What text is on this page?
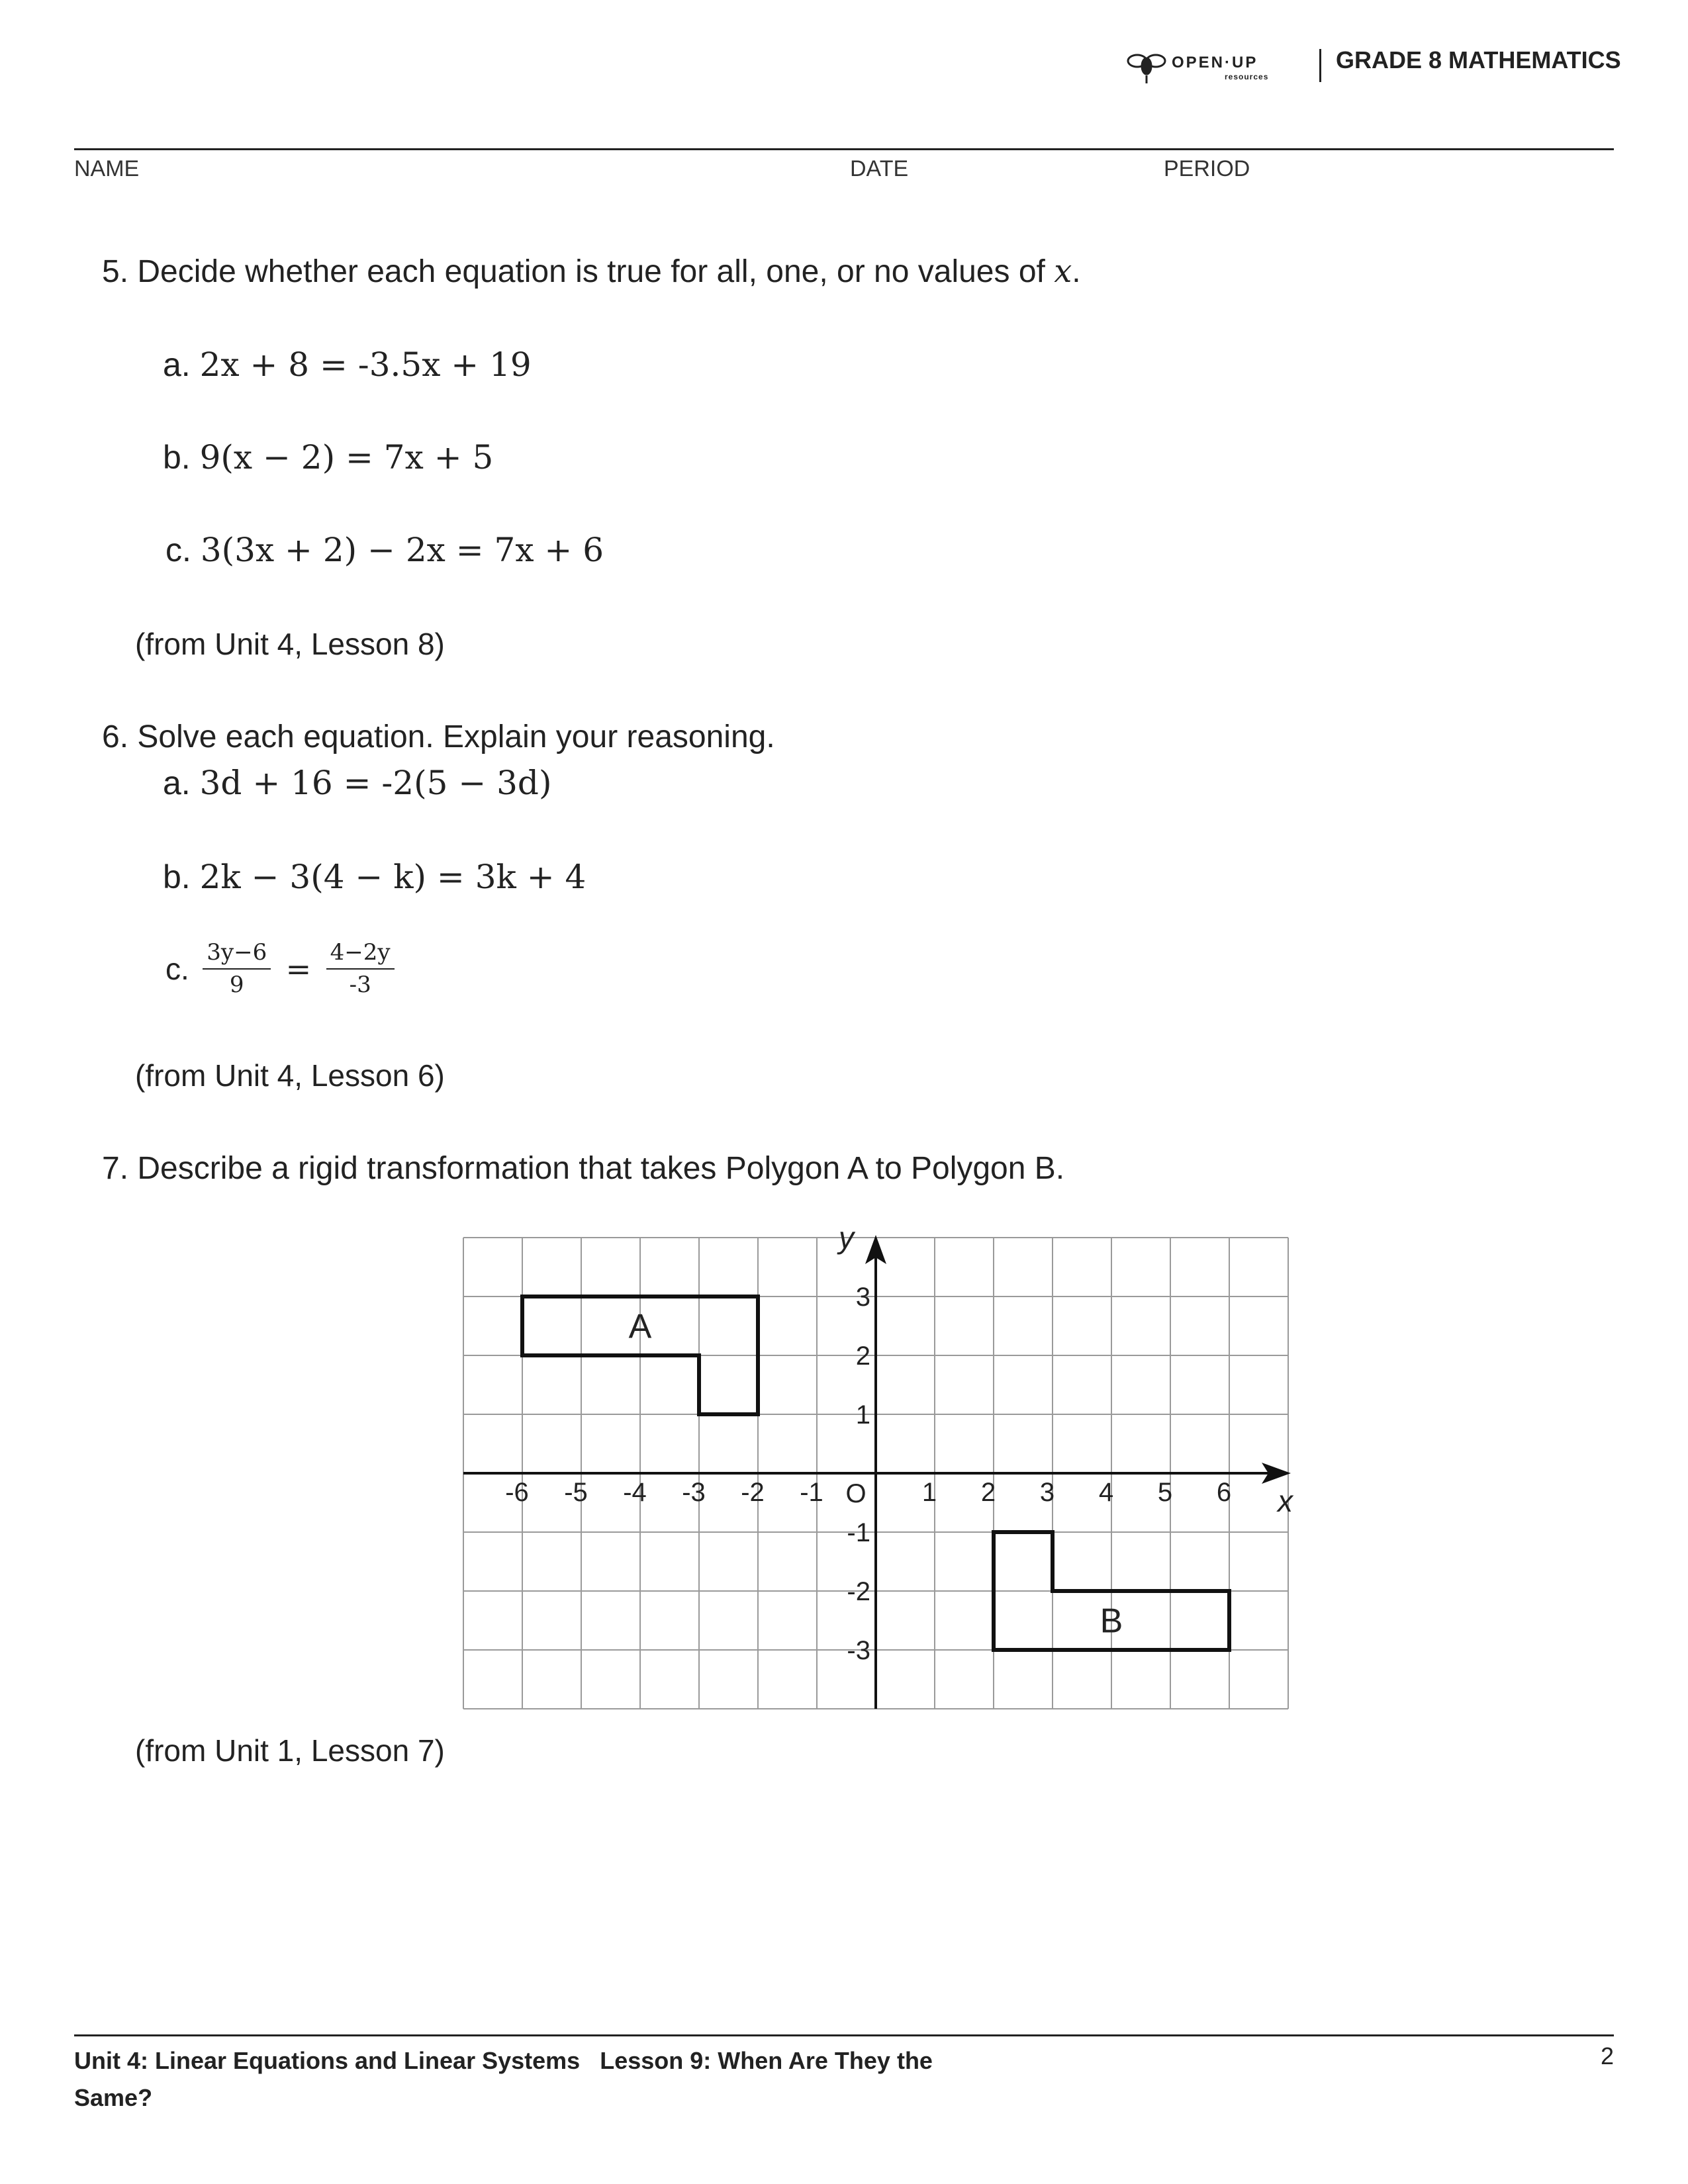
OPEN·UP
resources
GRADE 8 MATHEMATICS
NAME	DATE	PERIOD
5. Decide whether each equation is true for all, one, or no values of x.
a. 2x + 8 = -3.5x + 19
b. 9(x − 2) = 7x + 5
c. 3(3x + 2) − 2x = 7x + 6
(from Unit 4, Lesson 8)
6. Solve each equation. Explain your reasoning.
a. 3d + 16 = -2(5 − 3d)
b. 2k − 3(4 − k) = 3k + 4
c. $\frac{3y-6}{9} = \frac{4-2y}{-3}$
(from Unit 4, Lesson 6)
7. Describe a rigid transformation that takes Polygon A to Polygon B.
-6 -5 -4 -3 -2 -1	1 2 3 4 5 6
3
2
1
-1
-2
-3
O	x
y
A
B
(from Unit 1, Lesson 7)
Unit 4: Linear Equations and Linear Systems Lesson 9: When Are They the Same?
2
